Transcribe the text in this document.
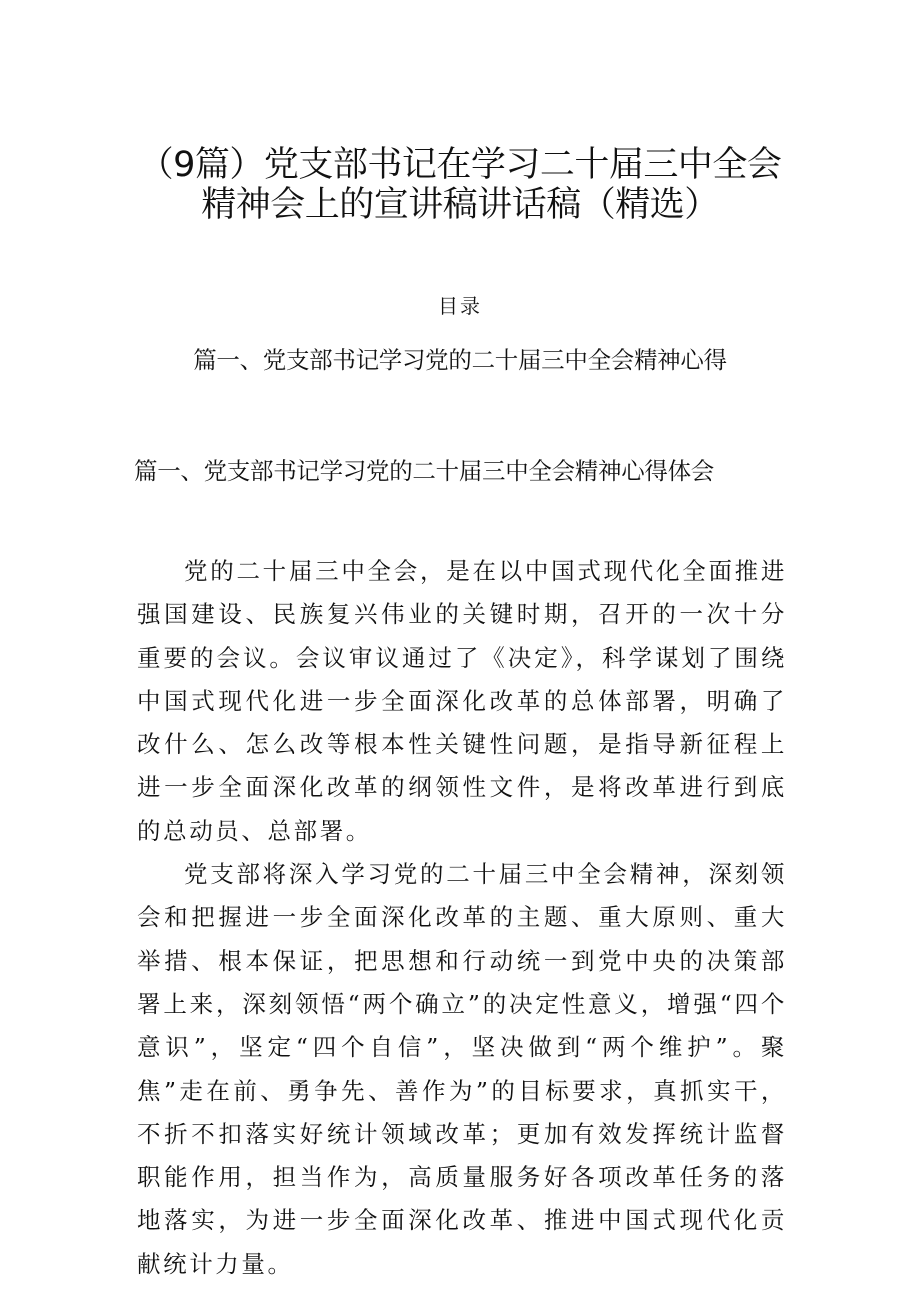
（9篇）党支部书记在学习二十届三中全会
精神会上的宣讲稿讲话稿（精选）
目录
篇一、党支部书记学习党的二十届三中全会精神心得
篇一、党支部书记学习党的二十届三中全会精神心得体会

党的二十届三中全会，是在以中国式现代化全面推进强国建设、民族复兴伟业的关键时期，召开的一次十分重要的会议。会议审议通过了《决定》，科学谋划了围绕中国式现代化进一步全面深化改革的总体部署，明确了改什么、怎么改等根本性关键性问题，是指导新征程上进一步全面深化改革的纲领性文件，是将改革进行到底的总动员、总部署。

党支部将深入学习党的二十届三中全会精神，深刻领会和把握进一步全面深化改革的主题、重大原则、重大举措、根本保证，把思想和行动统一到党中央的决策部署上来，深刻领悟“两个确立”的决定性意义，增强“四个意识”，坚定“四个自信”，坚决做到“两个维护”。聚焦”走在前、勇争先、善作为”的目标要求，真抓实干，不折不扣落实好统计领域改革；更加有效发挥统计监督职能作用，担当作为，高质量服务好各项改革任务的落地落实，为进一步全面深化改革、推进中国式现代化贡献统计力量。
